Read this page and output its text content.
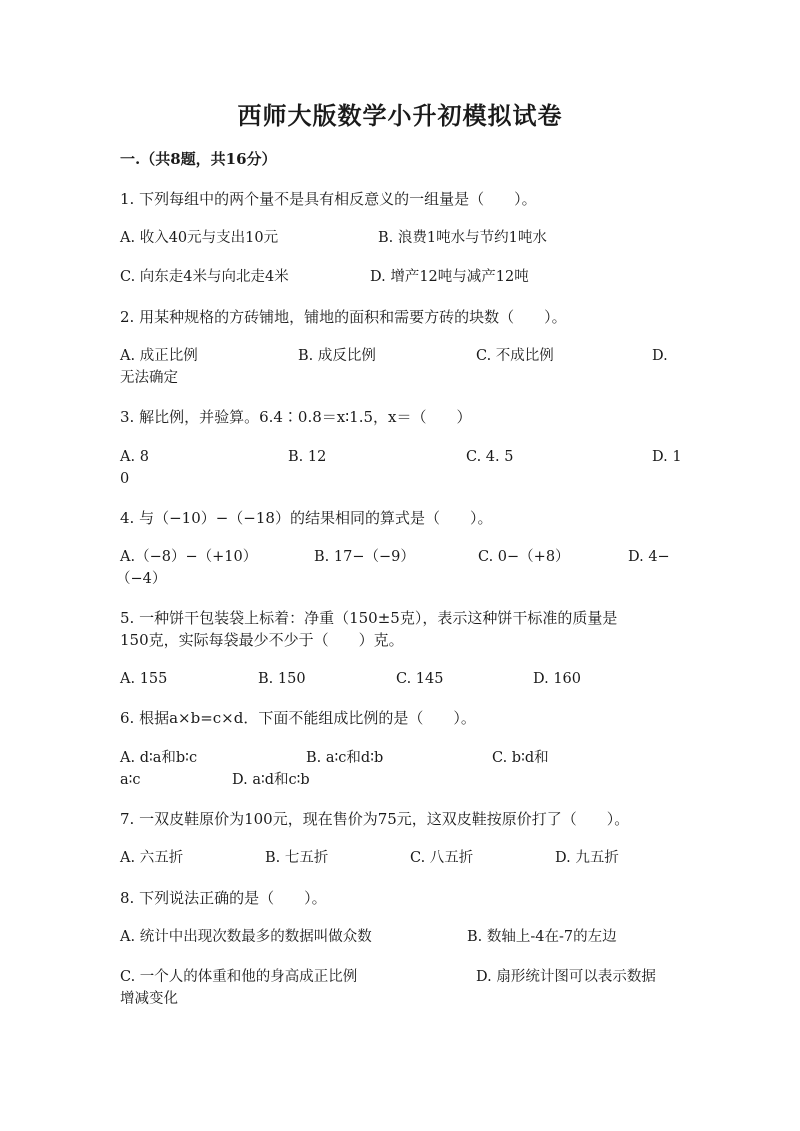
西师大版数学小升初模拟试卷
一.（共8题，共16分）
1. 下列每组中的两个量不是具有相反意义的一组量是（　　）。
A. 收入40元与支出10元	B. 浪费1吨水与节约1吨水
C. 向东走4米与向北走4米	D. 增产12吨与减产12吨
2. 用某种规格的方砖铺地，铺地的面积和需要方砖的块数（　　）。
A. 成正比例	B. 成反比例	C. 不成比例	D.
无法确定
3. 解比例，并验算。6.4∶0.8＝x∶1.5，x＝（　　）
A. 8	B. 12	C. 4. 5	D. 1
0
4. 与（−10）−（−18）的结果相同的算式是（　　）。
A.（−8）−（+10）	B. 17−（−9）	C. 0−（+8）	D. 4−
（−4）
5. 一种饼干包装袋上标着：净重（150±5克），表示这种饼干标准的质量是
150克，实际每袋最少不少于（　　）克。
A. 155	B. 150	C. 145	D. 160
6. 根据a×b=c×d．下面不能组成比例的是（　　）。
A. d∶a和b∶c	B. a∶c和d∶b	C. b∶d和
a∶c	D. a∶d和c∶b
7. 一双皮鞋原价为100元，现在售价为75元，这双皮鞋按原价打了（　　）。
A. 六五折	B. 七五折	C. 八五折	D. 九五折
8. 下列说法正确的是（　　）。
A. 统计中出现次数最多的数据叫做众数	B. 数轴上-4在-7的左边
C. 一个人的体重和他的身高成正比例	D. 扇形统计图可以表示数据
增减变化
